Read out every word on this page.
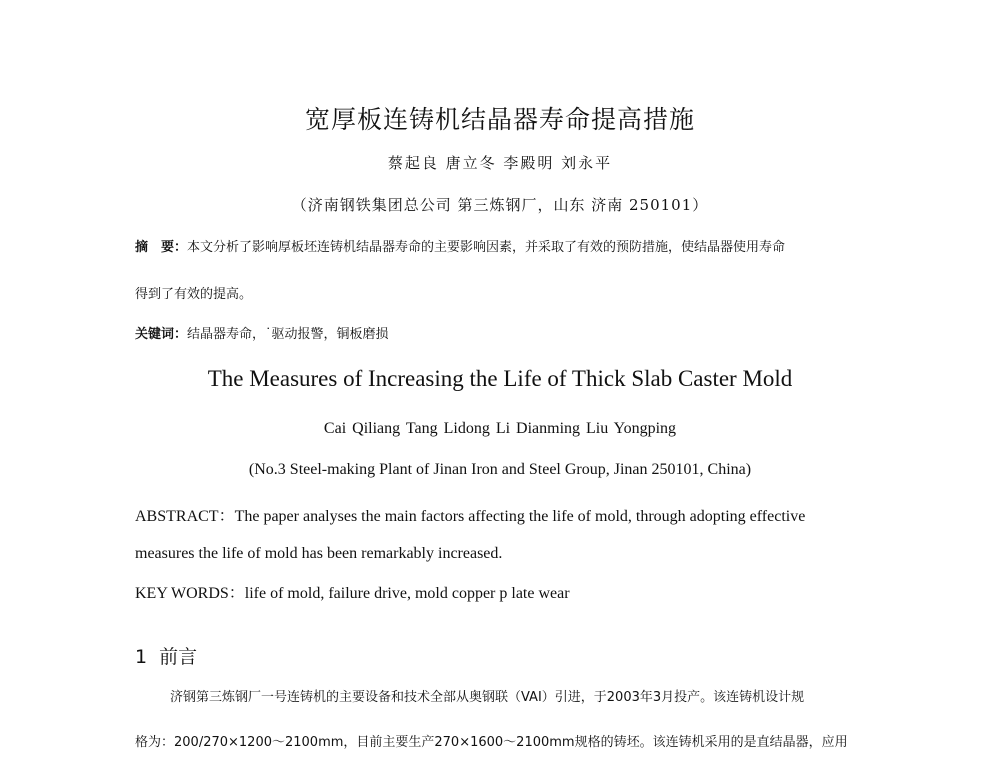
宽厚板连铸机结晶器寿命提高措施
蔡起良 唐立冬 李殿明 刘永平
（济南钢铁集团总公司 第三炼钢厂，山东 济南 250101）
摘　要：本文分析了影响厚板坯连铸机结晶器寿命的主要影响因素，并采取了有效的预防措施，使结晶器使用寿命
得到了有效的提高。
关键词：结晶器寿命，˙驱动报警，铜板磨损
The Measures of Increasing the Life of Thick Slab Caster Mold
Cai Qiliang Tang Lidong Li Dianming Liu Yongping
(No.3 Steel-making Plant of Jinan Iron and Steel Group, Jinan 250101, China)
ABSTRACT：The paper analyses the main factors affecting the life of mold, through adopting effective
measures the life of mold has been remarkably increased.
KEY WORDS：life of mold, failure drive, mold copper p late wear
1 前言
济钢第三炼钢厂一号连铸机的主要设备和技术全部从奥钢联（VAI）引进，于2003年3月投产。该连铸机设计规
格为：200/270×1200～2100mm，目前主要生产270×1600～2100mm规格的铸坯。该连铸机采用的是直结晶器，应用
